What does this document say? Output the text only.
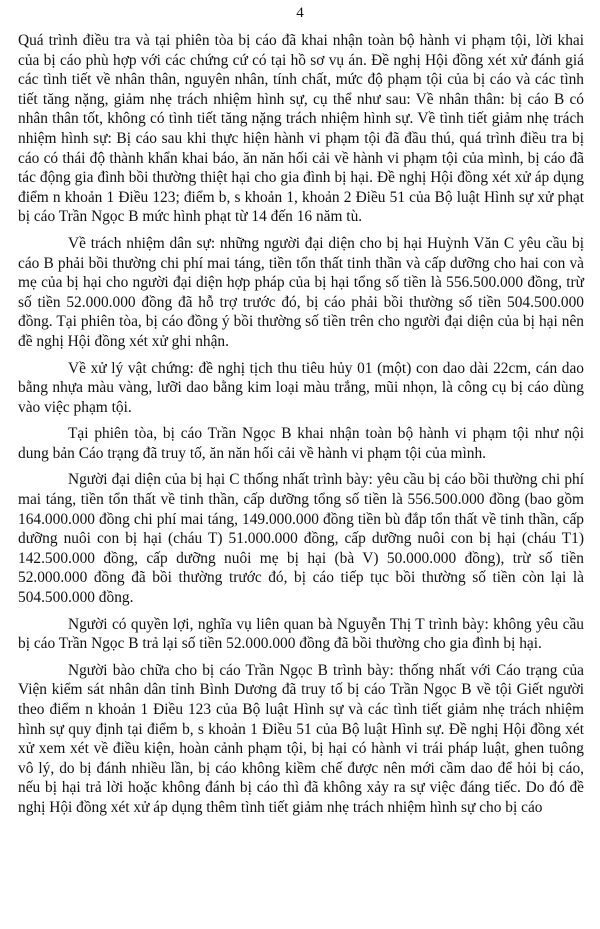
4

Quá trình điều tra và tại phiên tòa bị cáo đã khai nhận toàn bộ hành vi phạm tội, lời khai của bị cáo phù hợp với các chứng cứ có tại hồ sơ vụ án. Đề nghị Hội đồng xét xử đánh giá các tình tiết về nhân thân, nguyên nhân, tính chất, mức độ phạm tội của bị cáo và các tình tiết tăng nặng, giảm nhẹ trách nhiệm hình sự, cụ thể như sau: Về nhân thân: bị cáo B có nhân thân tốt, không có tình tiết tăng nặng trách nhiệm hình sự. Về tình tiết giảm nhẹ trách nhiệm hình sự: Bị cáo sau khi thực hiện hành vi phạm tội đã đầu thú, quá trình điều tra bị cáo có thái độ thành khẩn khai báo, ăn năn hối cải về hành vi phạm tội của mình, bị cáo đã tác động gia đình bồi thường thiệt hại cho gia đình bị hại. Đề nghị Hội đồng xét xử áp dụng điểm n khoản 1 Điều 123; điểm b, s khoản 1, khoản 2 Điều 51 của Bộ luật Hình sự xử phạt bị cáo Trần Ngọc B mức hình phạt từ 14 đến 16 năm tù.

Về trách nhiệm dân sự: những người đại diện cho bị hại Huỳnh Văn C yêu cầu bị cáo B phải bồi thường chi phí mai táng, tiền tổn thất tinh thần và cấp dưỡng cho hai con và mẹ của bị hại cho người đại diện hợp pháp của bị hại tổng số tiền là 556.500.000 đồng, trừ số tiền 52.000.000 đồng đã hỗ trợ trước đó, bị cáo phải bồi thường số tiền 504.500.000 đồng. Tại phiên tòa, bị cáo đồng ý bồi thường số tiền trên cho người đại diện của bị hại nên đề nghị Hội đồng xét xử ghi nhận.

Về xử lý vật chứng: đề nghị tịch thu tiêu hủy 01 (một) con dao dài 22cm, cán dao bằng nhựa màu vàng, lưỡi dao bằng kim loại màu trắng, mũi nhọn, là công cụ bị cáo dùng vào việc phạm tội.

Tại phiên tòa, bị cáo Trần Ngọc B khai nhận toàn bộ hành vi phạm tội như nội dung bản Cáo trạng đã truy tố, ăn năn hối cải về hành vi phạm tội của mình.

Người đại diện của bị hại C thống nhất trình bày: yêu cầu bị cáo bồi thường chi phí mai táng, tiền tổn thất về tinh thần, cấp dưỡng tổng số tiền là 556.500.000 đồng (bao gồm 164.000.000 đồng chi phí mai táng, 149.000.000 đồng tiền bù đắp tổn thất về tinh thần, cấp dưỡng nuôi con bị hại (cháu T) 51.000.000 đồng, cấp dưỡng nuôi con bị hại (cháu T1) 142.500.000 đồng, cấp dưỡng nuôi mẹ bị hại (bà V) 50.000.000 đồng), trừ số tiền 52.000.000 đồng đã bồi thường trước đó, bị cáo tiếp tục bồi thường số tiền còn lại là 504.500.000 đồng.

Người có quyền lợi, nghĩa vụ liên quan bà Nguyễn Thị T trình bày: không yêu cầu bị cáo Trần Ngọc B trả lại số tiền 52.000.000 đồng đã bồi thường cho gia đình bị hại.

Người bào chữa cho bị cáo Trần Ngọc B trình bày: thống nhất với Cáo trạng của Viện kiểm sát nhân dân tỉnh Bình Dương đã truy tố bị cáo Trần Ngọc B về tội Giết người theo điểm n khoản 1 Điều 123 của Bộ luật Hình sự và các tình tiết giảm nhẹ trách nhiệm hình sự quy định tại điểm b, s khoản 1 Điều 51 của Bộ luật Hình sự. Đề nghị Hội đồng xét xử xem xét về điều kiện, hoàn cảnh phạm tội, bị hại có hành vi trái pháp luật, ghen tuông vô lý, do bị đánh nhiều lần, bị cáo không kiềm chế được nên mới cầm dao để hỏi bị cáo, nếu bị hại trả lời hoặc không đánh bị cáo thì đã không xảy ra sự việc đáng tiếc. Do đó đề nghị Hội đồng xét xử áp dụng thêm tình tiết giảm nhẹ trách nhiệm hình sự cho bị cáo
